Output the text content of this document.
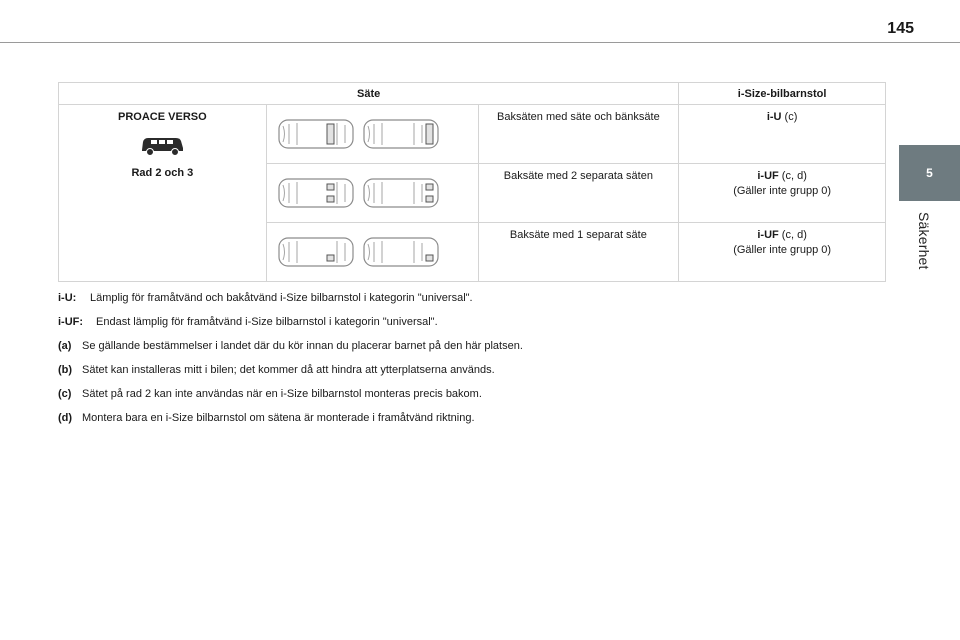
145
5
Säkerhet
Säte			i-Size-bilbarnstol

PROACE VERSO
Rad 2 och 3		Baksäten med säte och bänksäte	i-U (c)
	Baksäte med 2 separata säten	i-UF (c, d)
(Gäller inte grupp 0)
	Baksäte med 1 separat säte	i-UF (c, d)
(Gäller inte grupp 0)
i-U: Lämplig för framåtvänd och bakåtvänd i-Size bilbarnstol i kategorin "universal".
i-UF: Endast lämplig för framåtvänd i-Size bilbarnstol i kategorin "universal".
(a) Se gällande bestämmelser i landet där du kör innan du placerar barnet på den här platsen.
(b) Sätet kan installeras mitt i bilen; det kommer då att hindra att ytterplatserna används.
(c) Sätet på rad 2 kan inte användas när en i-Size bilbarnstol monteras precis bakom.
(d) Montera bara en i-Size bilbarnstol om sätena är monterade i framåtvänd riktning.
